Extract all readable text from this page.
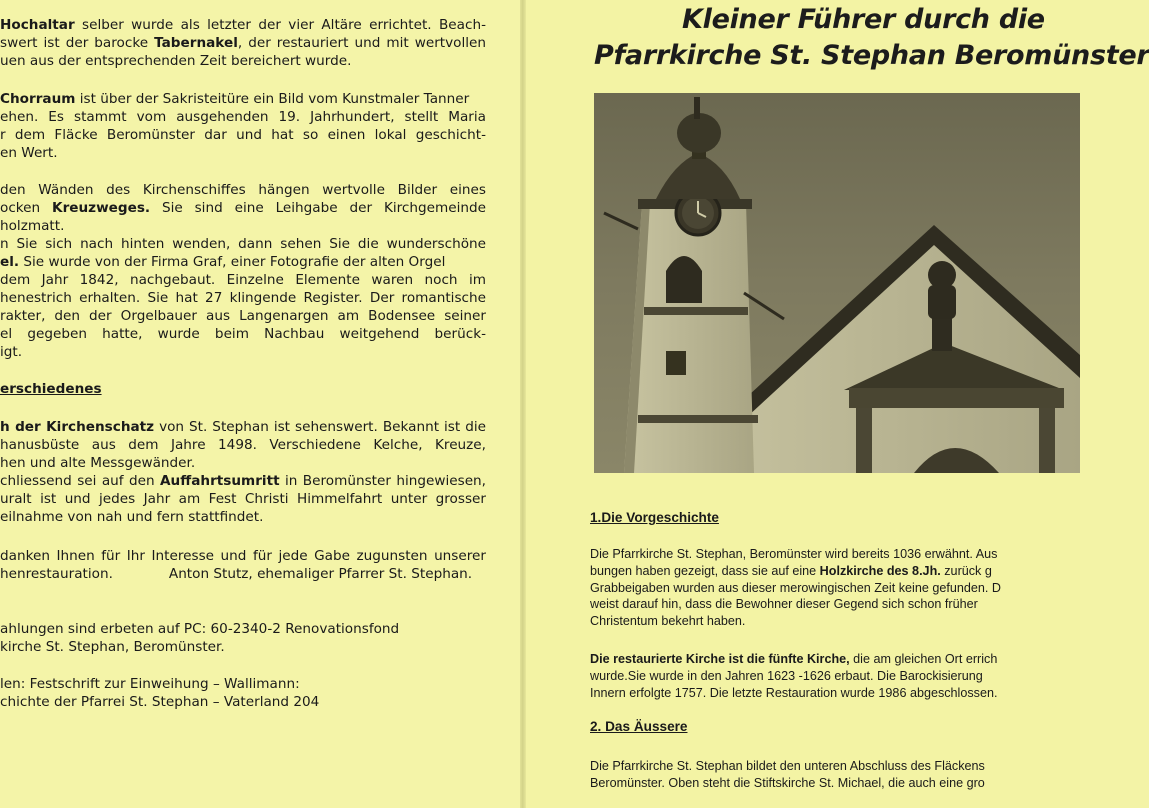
Hochaltar selber wurde als letzter der vier Altäre errichtet. Beach-
swert ist der barocke Tabernakel, der restauriert und mit wertvollen
uen aus der entsprechenden Zeit bereichert wurde.

Chorraum ist über der Sakristeitüre ein Bild vom Kunstmaler Tanner
ehen. Es stammt vom ausgehenden 19. Jahrhundert, stellt Maria
r dem Fläcke Beromünster dar und hat so einen lokal geschicht-
en Wert.

den Wänden des Kirchenschiffes hängen wertvolle Bilder eines
ocken Kreuzweges. Sie sind eine Leihgabe der Kirchgemeinde
holzmatt.
n Sie sich nach hinten wenden, dann sehen Sie die wunderschöne
el. Sie wurde von der Firma Graf, einer Fotografie der alten Orgel
dem Jahr 1842, nachgebaut. Einzelne Elemente waren noch im
henestrich erhalten. Sie hat 27 klingende Register. Der romantische
rakter, den der Orgelbauer aus Langenargen am Bodensee seiner
el gegeben hatte, wurde beim Nachbau weitgehend berück-
igt.

erschiedenes

h der Kirchenschatz von St. Stephan ist sehenswert. Bekannt ist die
hanusbüste aus dem Jahre 1498. Verschiedene Kelche, Kreuze,
hen und alte Messgewänder.
chliessend sei auf den Auffahrtsumritt in Beromünster hingewiesen,
uralt ist und jedes Jahr am Fest Christi Himmelfahrt unter grosser
eilnahme von nah und fern stattfindet.

danken Ihnen für Ihr Interesse und für jede Gabe zugunsten unserer
henrestauration.	Anton Stutz, ehemaliger Pfarrer St. Stephan.

ahlungen sind erbeten auf PC: 60-2340-2 Renovationsfond
kirche St. Stephan, Beromünster.

len: Festschrift zur Einweihung – Wallimann:
chichte der Pfarrei St. Stephan – Vaterland 204

Kleiner Führer durch die

Pfarrkirche St. Stephan Beromünster

1.Die Vorgeschichte

Die Pfarrkirche St. Stephan, Beromünster wird bereits 1036 erwähnt. Aus
bungen haben gezeigt, dass sie auf eine Holzkirche des 8.Jh. zurück g
Grabbeigaben wurden aus dieser merowingischen Zeit keine gefunden. D
weist darauf hin, dass die Bewohner dieser Gegend sich schon früher
Christentum bekehrt haben.

Die restaurierte Kirche ist die fünfte Kirche, die am gleichen Ort errich
wurde.Sie wurde in den Jahren 1623 -1626 erbaut. Die Barockisierung
Innern erfolgte 1757. Die letzte Restauration wurde 1986 abgeschlossen.

2. Das Äussere

Die Pfarrkirche St. Stephan bildet den unteren Abschluss des Fläckens
Beromünster. Oben steht die Stiftskirche St. Michael, die auch eine gro
